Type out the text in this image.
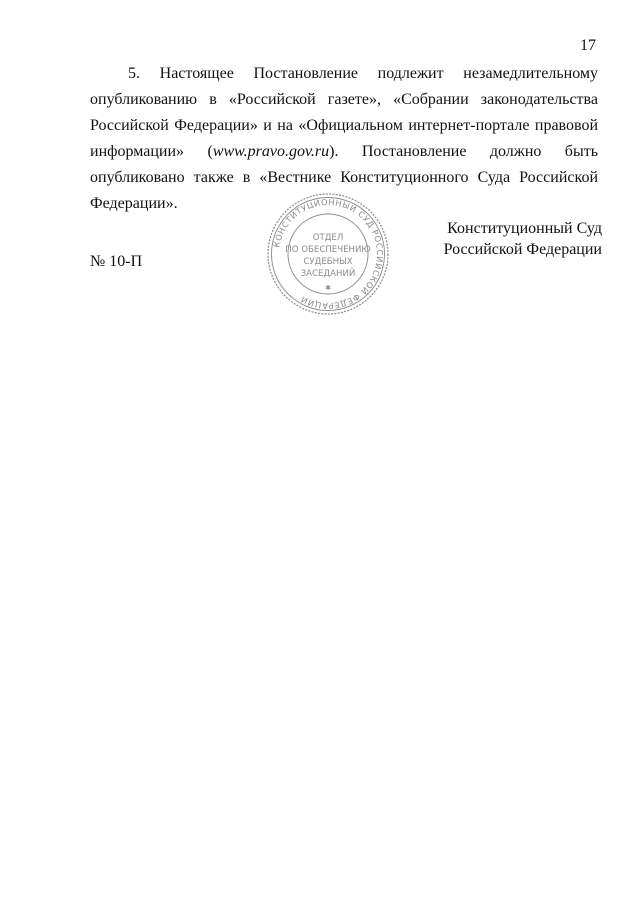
17
5. Настоящее Постановление подлежит незамедлительному опубликованию в «Российской газете», «Собрании законодательства Российской Федерации» и на «Официальном интернет-портале правовой информации» (www.pravo.gov.ru). Постановление должно быть опубликовано также в «Вестнике Конституционного Суда Российской Федерации».
Конституционный Суд
Российской Федерации
№ 10-П
КОНСТИТУЦИОННЫЙ СУД РОССИЙСКОЙ ФЕДЕРАЦИИ
ОТДЕЛ
ПО ОБЕСПЕЧЕНИЮ
СУДЕБНЫХ
ЗАСЕДАНИЙ
✱
